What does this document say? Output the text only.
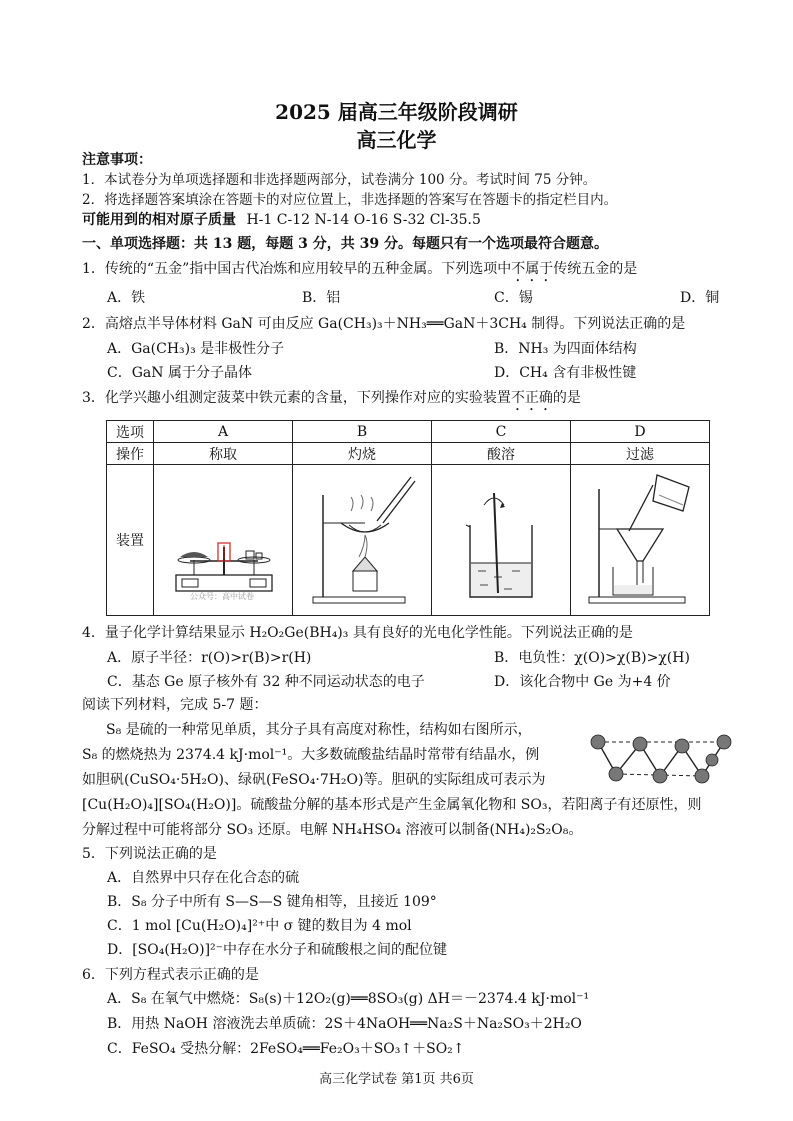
2025 届高三年级阶段调研
高三化学
注意事项：
1．本试卷分为单项选择题和非选择题两部分，试卷满分 100 分。考试时间 75 分钟。
2．将选择题答案填涂在答题卡的对应位置上，非选择题的答案写在答题卡的指定栏目内。
可能用到的相对原子质量 H-1 C-12 N-14 O-16 S-32 Cl-35.5
一、单项选择题：共 13 题，每题 3 分，共 39 分。每题只有一个选项最符合题意。
1．传统的“五金”指中国古代冶炼和应用较早的五种金属。下列选项中不属于传统五金的是
A．铁	B．铝	C．锡	D．铜
2．高熔点半导体材料 GaN 可由反应 Ga(CH₃)₃＋NH₃══GaN＋3CH₄ 制得。下列说法正确的是
A．Ga(CH₃)₃ 是非极性分子	B．NH₃ 为四面体结构
C．GaN 属于分子晶体	D．CH₄ 含有非极性键
3．化学兴趣小组测定菠菜中铁元素的含量，下列操作对应的实验装置不正确的是
选项	A	B	C	D
操作	称取	灼烧	酸溶	过滤
装置	公众号：高中试卷

4．量子化学计算结果显示 H₂O₂Ge(BH₄)₃ 具有良好的光电化学性能。下列说法正确的是
A．原子半径：r(O)>r(B)>r(H)	B．电负性：χ(O)>χ(B)>χ(H)
C．基态 Ge 原子核外有 32 种不同运动状态的电子	D．该化合物中 Ge 为+4 价
阅读下列材料，完成 5-7 题：
S₈ 是硫的一种常见单质，其分子具有高度对称性，结构如右图所示，
S₈ 的燃烧热为 2374.4 kJ·mol⁻¹。大多数硫酸盐结晶时常带有结晶水，例
如胆矾(CuSO₄·5H₂O)、绿矾(FeSO₄·7H₂O)等。胆矾的实际组成可表示为
[Cu(H₂O)₄][SO₄(H₂O)]。硫酸盐分解的基本形式是产生金属氧化物和 SO₃，若阳离子有还原性，则
分解过程中可能将部分 SO₃ 还原。电解 NH₄HSO₄ 溶液可以制备(NH₄)₂S₂O₈。
5．下列说法正确的是
A．自然界中只存在化合态的硫
B．S₈ 分子中所有 S—S—S 键角相等，且接近 109°
C．1 mol [Cu(H₂O)₄]²⁺中 σ 键的数目为 4 mol
D．[SO₄(H₂O)]²⁻中存在水分子和硫酸根之间的配位键
6．下列方程式表示正确的是
A．S₈ 在氧气中燃烧：S₈(s)＋12O₂(g)══8SO₃(g) ΔH＝－2374.4 kJ·mol⁻¹
B．用热 NaOH 溶液洗去单质硫：2S＋4NaOH══Na₂S＋Na₂SO₃＋2H₂O
C．FeSO₄ 受热分解：2FeSO₄══Fe₂O₃＋SO₃↑＋SO₂↑
高三化学试卷 第1页 共6页
